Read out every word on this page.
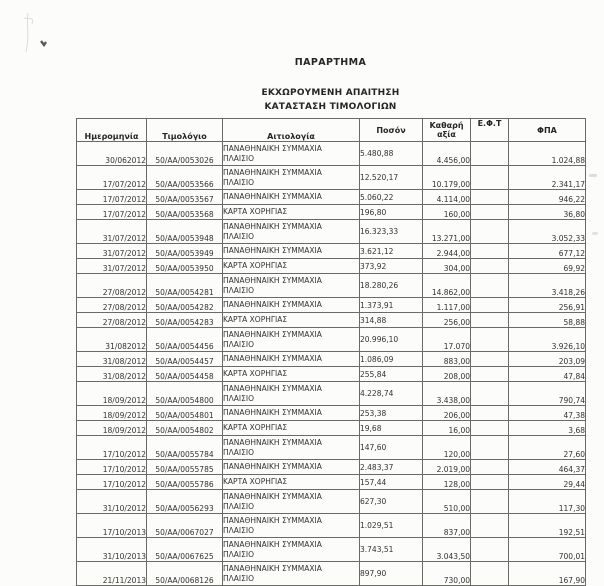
ΠΑΡΑΡΤΗΜΑ
ΕΚΧΩΡΟΥΜΕΝΗ ΑΠΑΙΤΗΣΗ
ΚΑΤΑΣΤΑΣΗ ΤΙΜΟΛΟΓΙΩΝ
Ημερομηνία	Τιμολόγιο	Αιτιολογία	Ποσόν	Καθαρή αξία	Ε.Φ.Τ	ΦΠΑ
30/062012	50/ΑΑ/0053026	ΠΑΝΑΘΗΝΑΙΚΗ ΣΥΜΜΑΧΙΑ
ΠΛΑΙΣΙΟ	5.480,88	4.456,00		1.024,88
17/07/2012	50/ΑΑ/0053566	ΠΑΝΑΘΗΝΑΙΚΗ ΣΥΜΜΑΧΙΑ
ΠΛΑΙΣΙΟ	12.520,17	10.179,00		2.341,17
17/07/2012	50/ΑΑ/0053567	ΠΑΝΑΘΗΝΑΙΚΗ ΣΥΜΜΑΧΙΑ	5.060,22	4.114,00		946,22
17/07/2012	50/ΑΑ/0053568	ΚΑΡΤΑ ΧΟΡΗΓΙΑΣ	196,80	160,00		36,80
31/07/2012	50/ΑΑ/0053948	ΠΑΝΑΘΗΝΑΙΚΗ ΣΥΜΜΑΧΙΑ
ΠΛΑΙΣΙΟ	16.323,33	13.271,00		3.052,33
31/07/2012	50/ΑΑ/0053949	ΠΑΝΑΘΗΝΑΙΚΗ ΣΥΜΜΑΧΙΑ	3.621,12	2.944,00		677,12
31/07/2012	50/ΑΑ/0053950	ΚΑΡΤΑ ΧΟΡΗΓΙΑΣ	373,92	304,00		69,92
27/08/2012	50/ΑΑ/0054281	ΠΑΝΑΘΗΝΑΙΚΗ ΣΥΜΜΑΧΙΑ
ΠΛΑΙΣΙΟ	18.280,26	14.862,00		3.418,26
27/08/2012	50/ΑΑ/0054282	ΠΑΝΑΘΗΝΑΙΚΗ ΣΥΜΜΑΧΙΑ	1.373,91	1.117,00		256,91
27/08/2012	50/ΑΑ/0054283	ΚΑΡΤΑ ΧΟΡΗΓΙΑΣ	314,88	256,00		58,88
31/082012	50/ΑΑ/0054456	ΠΑΝΑΘΗΝΑΙΚΗ ΣΥΜΜΑΧΙΑ
ΠΛΑΙΣΙΟ	20.996,10	17.070		3.926,10
31/08/2012	50/ΑΑ/0054457	ΠΑΝΑΘΗΝΑΙΚΗ ΣΥΜΜΑΧΙΑ	1.086,09	883,00		203,09
31/08/2012	50/ΑΑ/0054458	ΚΑΡΤΑ ΧΟΡΗΓΙΑΣ	255,84	208,00		47,84
18/09/2012	50/ΑΑ/0054800	ΠΑΝΑΘΗΝΑΙΚΗ ΣΥΜΜΑΧΙΑ
ΠΛΑΙΣΙΟ	4.228,74	3.438,00		790,74
18/09/2012	50/ΑΑ/0054801	ΠΑΝΑΘΗΝΑΙΚΗ ΣΥΜΜΑΧΙΑ	253,38	206,00		47,38
18/09/2012	50/ΑΑ/0054802	ΚΑΡΤΑ ΧΟΡΗΓΙΑΣ	19,68	16,00		3,68
17/10/2012	50/ΑΑ/0055784	ΠΑΝΑΘΗΝΑΙΚΗ ΣΥΜΜΑΧΙΑ
ΠΛΑΙΣΙΟ	147,60	120,00		27,60
17/10/2012	50/ΑΑ/0055785	ΠΑΝΑΘΗΝΑΙΚΗ ΣΥΜΜΑΧΙΑ	2.483,37	2.019,00		464,37
17/10/2012	50/ΑΑ/0055786	ΚΑΡΤΑ ΧΟΡΗΓΙΑΣ	157,44	128,00		29,44
31/10/2012	50/ΑΑ/0056293	ΠΑΝΑΘΗΝΑΙΚΗ ΣΥΜΜΑΧΙΑ
ΠΛΑΙΣΙΟ	627,30	510,00		117,30
17/10/2013	50/ΑΑ/0067027	ΠΑΝΑΘΗΝΑΙΚΗ ΣΥΜΜΑΧΙΑ
ΠΛΑΙΣΙΟ	1.029,51	837,00		192,51
31/10/2013	50/ΑΑ/0067625	ΠΑΝΑΘΗΝΑΙΚΗ ΣΥΜΜΑΧΙΑ
ΠΛΑΙΣΙΟ	3.743,51	3.043,50		700,01
21/11/2013	50/ΑΑ/0068126	ΠΑΝΑΘΗΝΑΙΚΗ ΣΥΜΜΑΧΙΑ
ΠΛΑΙΣΙΟ	897,90	730,00		167,90
